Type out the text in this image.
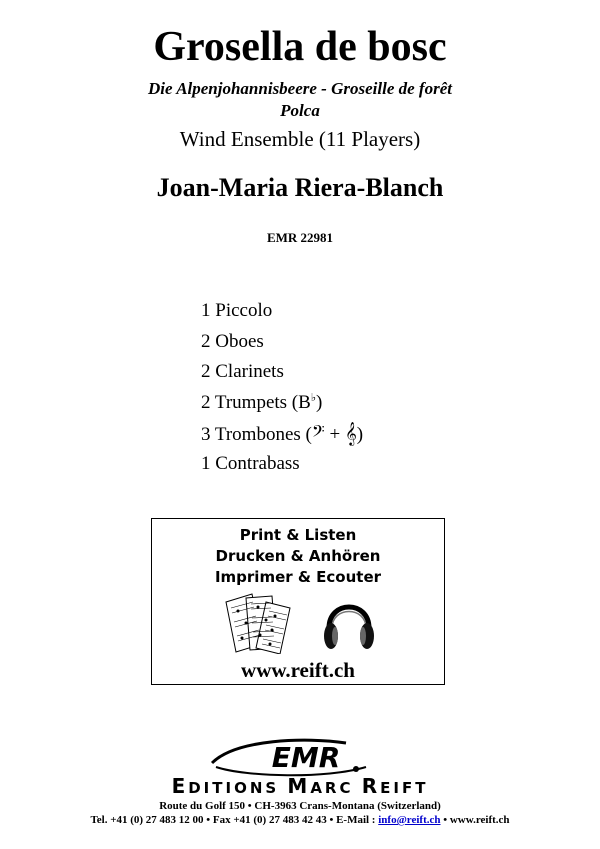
Grosella de bosc
Die Alpenjohannisbeere - Groseille de forêt
Polca
Wind Ensemble (11 Players)
Joan-Maria Riera-Blanch
EMR 22981
1 Piccolo
2 Oboes
2 Clarinets
2 Trumpets (B♭)
3 Trombones (𝄢 + 𝄞)
1 Contrabass
Print & Listen
Drucken & Anhören
Imprimer & Ecouter
www.reift.ch
EMR
EDITIONS MARC REIFT
Route du Golf 150 • CH-3963 Crans-Montana (Switzerland)
Tel. +41 (0) 27 483 12 00 • Fax +41 (0) 27 483 42 43 • E-Mail : info@reift.ch • www.reift.ch
